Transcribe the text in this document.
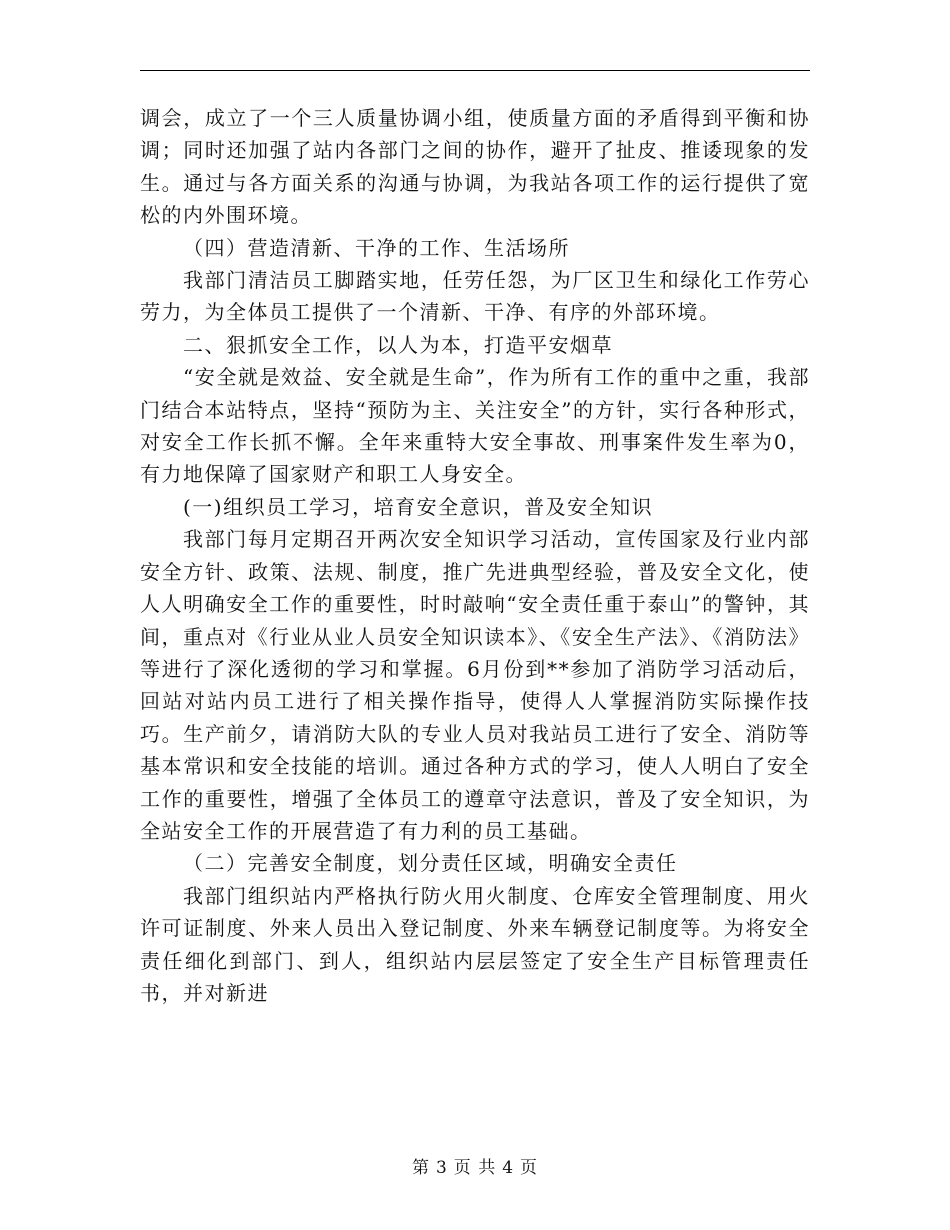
调会，成立了一个三人质量协调小组，使质量方面的矛盾得到平衡和协调；同时还加强了站内各部门之间的协作，避开了扯皮、推诿现象的发生。通过与各方面关系的沟通与协调，为我站各项工作的运行提供了宽松的内外围环境。

（四）营造清新、干净的工作、生活场所

我部门清洁员工脚踏实地，任劳任怨，为厂区卫生和绿化工作劳心劳力，为全体员工提供了一个清新、干净、有序的外部环境。

二、狠抓安全工作，以人为本，打造平安烟草

“安全就是效益、安全就是生命”，作为所有工作的重中之重，我部门结合本站特点，坚持“预防为主、关注安全”的方针，实行各种形式，对安全工作长抓不懈。全年来重特大安全事故、刑事案件发生率为0，有力地保障了国家财产和职工人身安全。

(一)组织员工学习，培育安全意识，普及安全知识

我部门每月定期召开两次安全知识学习活动，宣传国家及行业内部安全方针、政策、法规、制度，推广先进典型经验，普及安全文化，使人人明确安全工作的重要性，时时敲响“安全责任重于泰山”的警钟，其间，重点对《行业从业人员安全知识读本》、《安全生产法》、《消防法》等进行了深化透彻的学习和掌握。6月份到**参加了消防学习活动后，回站对站内员工进行了相关操作指导，使得人人掌握消防实际操作技巧。生产前夕，请消防大队的专业人员对我站员工进行了安全、消防等基本常识和安全技能的培训。通过各种方式的学习，使人人明白了安全工作的重要性，增强了全体员工的遵章守法意识，普及了安全知识，为全站安全工作的开展营造了有力利的员工基础。

（二）完善安全制度，划分责任区域，明确安全责任

我部门组织站内严格执行防火用火制度、仓库安全管理制度、用火许可证制度、外来人员出入登记制度、外来车辆登记制度等。为将安全责任细化到部门、到人，组织站内层层签定了安全生产目标管理责任书，并对新进

第 3 页 共 4 页
